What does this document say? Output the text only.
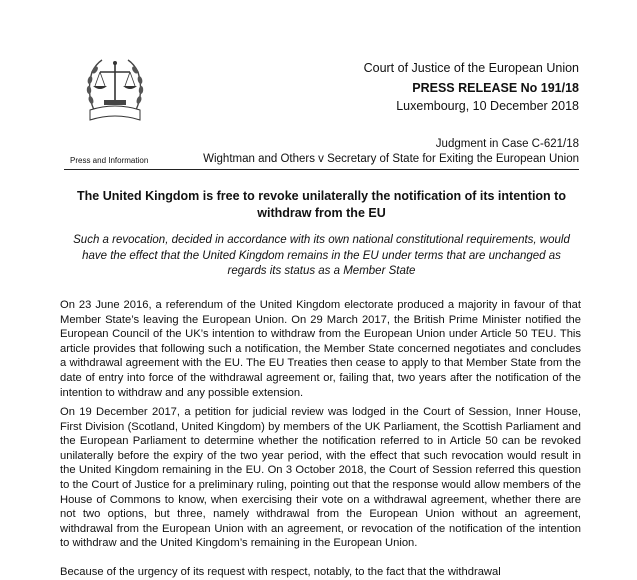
Press and Information
Court of Justice of the European Union
PRESS RELEASE No 191/18
Luxembourg, 10 December 2018
Judgment in Case C-621/18
Wightman and Others v Secretary of State for Exiting the European Union
The United Kingdom is free to revoke unilaterally the notification of its intention to withdraw from the EU
Such a revocation, decided in accordance with its own national constitutional requirements, would have the effect that the United Kingdom remains in the EU under terms that are unchanged as regards its status as a Member State
On 23 June 2016, a referendum of the United Kingdom electorate produced a majority in favour of that Member State’s leaving the European Union. On 29 March 2017, the British Prime Minister notified the European Council of the UK’s intention to withdraw from the European Union under Article 50 TEU. This article provides that following such a notification, the Member State concerned negotiates and concludes a withdrawal agreement with the EU. The EU Treaties then cease to apply to that Member State from the date of entry into force of the withdrawal agreement or, failing that, two years after the notification of the intention to withdraw and any possible extension.
On 19 December 2017, a petition for judicial review was lodged in the Court of Session, Inner House, First Division (Scotland, United Kingdom) by members of the UK Parliament, the Scottish Parliament and the European Parliament to determine whether the notification referred to in Article 50 can be revoked unilaterally before the expiry of the two year period, with the effect that such revocation would result in the United Kingdom remaining in the EU. On 3 October 2018, the Court of Session referred this question to the Court of Justice for a preliminary ruling, pointing out that the response would allow members of the House of Commons to know, when exercising their vote on a withdrawal agreement, whether there are not two options, but three, namely withdrawal from the European Union without an agreement, withdrawal from the European Union with an agreement, or revocation of the notification of the intention to withdraw and the United Kingdom’s remaining in the European Union.
Because of the urgency of its request with respect, notably, to the fact that the withdrawal
